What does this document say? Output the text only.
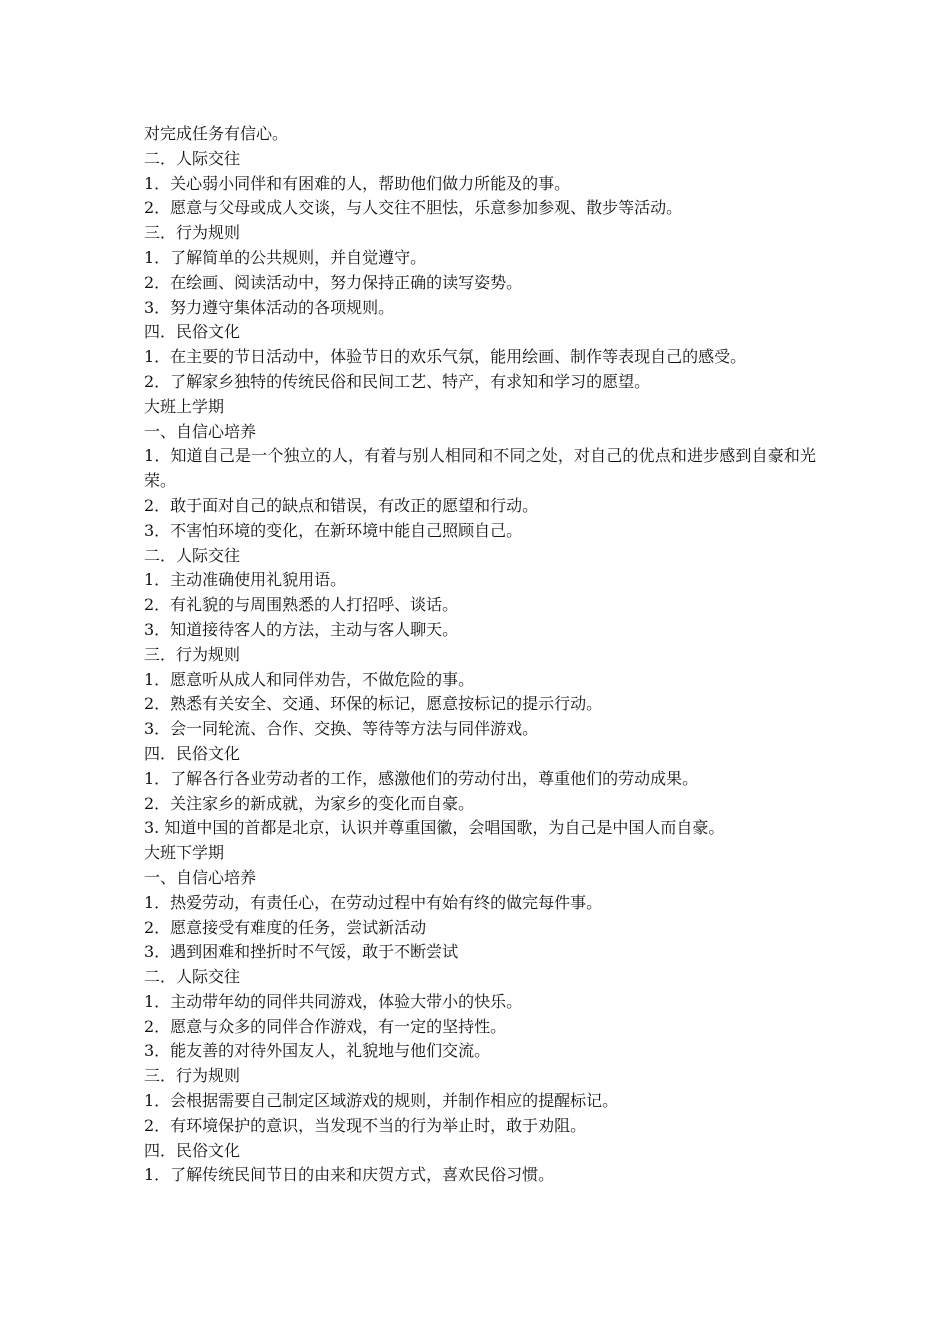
对完成任务有信心。

二．人际交往

1．关心弱小同伴和有困难的人，帮助他们做力所能及的事。

2．愿意与父母或成人交谈，与人交往不胆怯，乐意参加参观、散步等活动。

三．行为规则

1．了解简单的公共规则，并自觉遵守。

2．在绘画、阅读活动中，努力保持正确的读写姿势。

3．努力遵守集体活动的各项规则。

四．民俗文化

1．在主要的节日活动中，体验节日的欢乐气氛，能用绘画、制作等表现自己的感受。

2．了解家乡独特的传统民俗和民间工艺、特产，有求知和学习的愿望。

大班上学期

一、自信心培养

1．知道自己是一个独立的人，有着与别人相同和不同之处，对自己的优点和进步感到自豪和光荣。

2．敢于面对自己的缺点和错误，有改正的愿望和行动。

3．不害怕环境的变化，在新环境中能自己照顾自己。

二．人际交往

1．主动准确使用礼貌用语。

2．有礼貌的与周围熟悉的人打招呼、谈话。

3．知道接待客人的方法，主动与客人聊天。

三．行为规则

1．愿意听从成人和同伴劝告，不做危险的事。

2．熟悉有关安全、交通、环保的标记，愿意按标记的提示行动。

3．会一同轮流、合作、交换、等待等方法与同伴游戏。

四．民俗文化

1．了解各行各业劳动者的工作，感激他们的劳动付出，尊重他们的劳动成果。

2．关注家乡的新成就，为家乡的变化而自豪。

3. 知道中国的首都是北京，认识并尊重国徽，会唱国歌，为自己是中国人而自豪。

大班下学期

一、自信心培养

1．热爱劳动，有责任心，在劳动过程中有始有终的做完每件事。

2．愿意接受有难度的任务，尝试新活动

3．遇到困难和挫折时不气馁，敢于不断尝试

二．人际交往

1．主动带年幼的同伴共同游戏，体验大带小的快乐。

2．愿意与众多的同伴合作游戏，有一定的坚持性。

3．能友善的对待外国友人，礼貌地与他们交流。

三．行为规则

1．会根据需要自己制定区域游戏的规则，并制作相应的提醒标记。

2．有环境保护的意识，当发现不当的行为举止时，敢于劝阻。

四．民俗文化

1．了解传统民间节日的由来和庆贺方式，喜欢民俗习惯。
